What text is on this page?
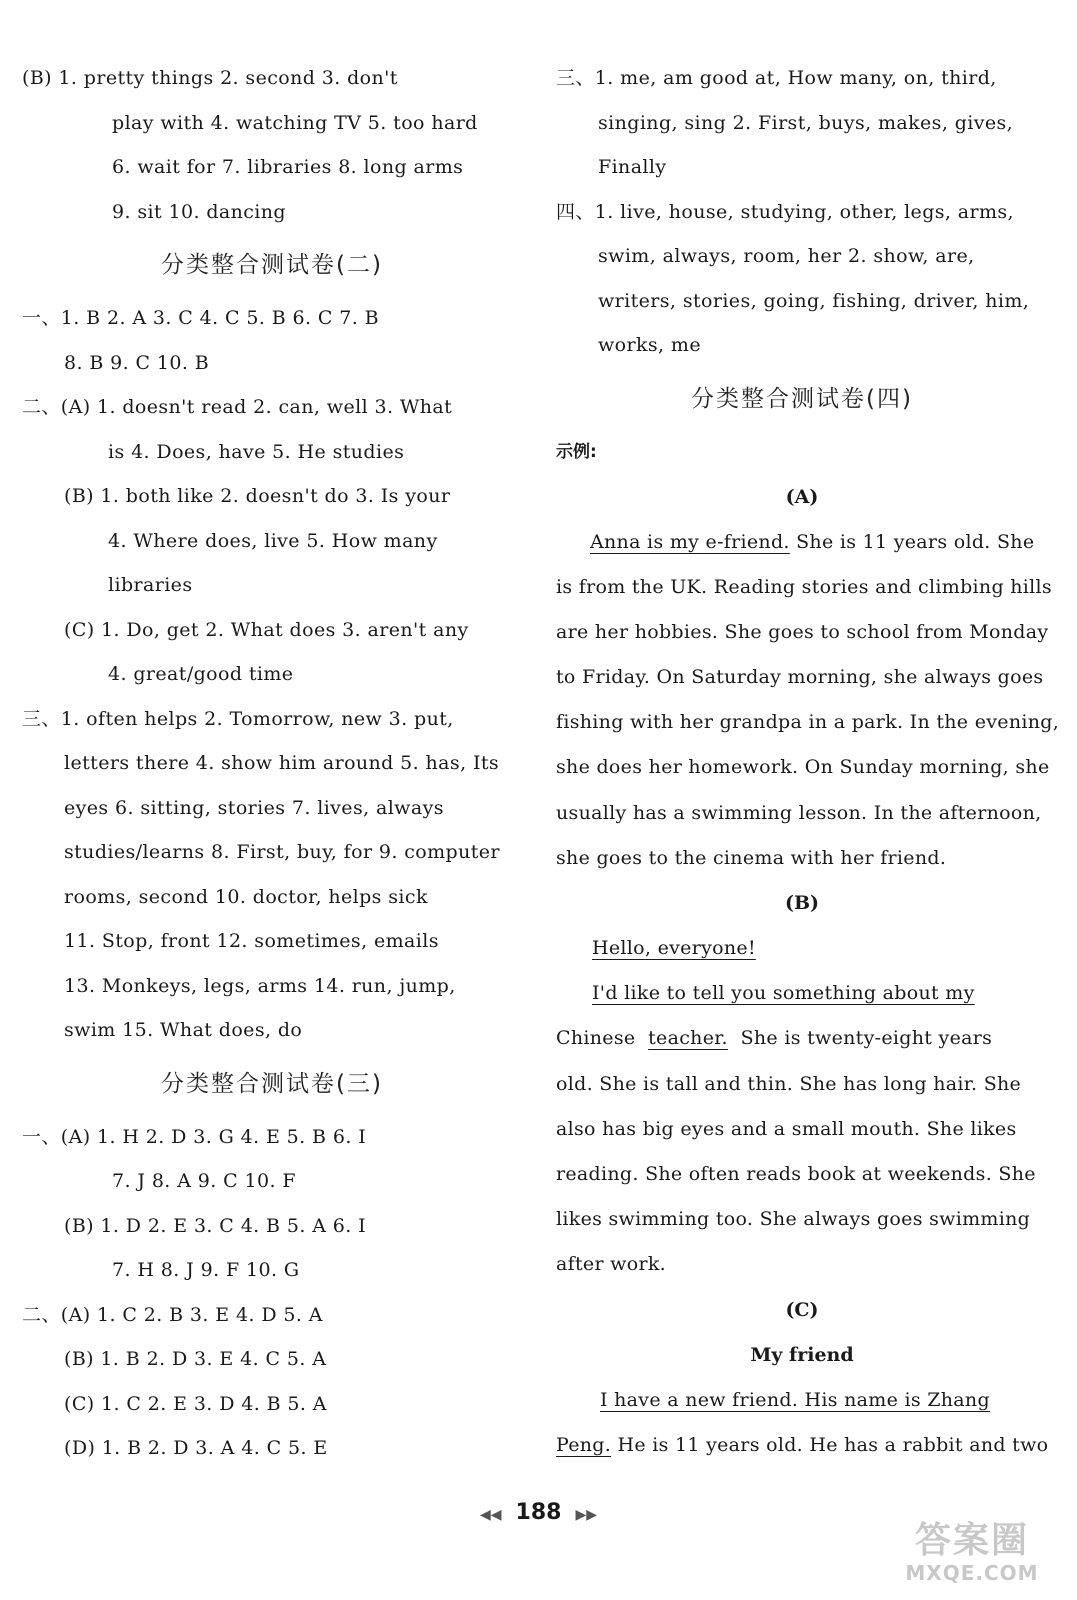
(B) 1. pretty things 2. second 3. don't
play with 4. watching TV 5. too hard
6. wait for 7. libraries 8. long arms
9. sit 10. dancing
分类整合测试卷(二)
一、1. B 2. A 3. C 4. C 5. B 6. C 7. B
8. B 9. C 10. B
二、(A) 1. doesn't read 2. can, well 3. What
is 4. Does, have 5. He studies
(B) 1. both like 2. doesn't do 3. Is your
4. Where does, live 5. How many
libraries
(C) 1. Do, get 2. What does 3. aren't any
4. great/good time
三、1. often helps 2. Tomorrow, new 3. put,
letters there 4. show him around 5. has, Its
eyes 6. sitting, stories 7. lives, always
studies/learns 8. First, buy, for 9. computer
rooms, second 10. doctor, helps sick
11. Stop, front 12. sometimes, emails
13. Monkeys, legs, arms 14. run, jump,
swim 15. What does, do
分类整合测试卷(三)
一、(A) 1. H 2. D 3. G 4. E 5. B 6. I
7. J 8. A 9. C 10. F
(B) 1. D 2. E 3. C 4. B 5. A 6. I
7. H 8. J 9. F 10. G
二、(A) 1. C 2. B 3. E 4. D 5. A
(B) 1. B 2. D 3. E 4. C 5. A
(C) 1. C 2. E 3. D 4. B 5. A
(D) 1. B 2. D 3. A 4. C 5. E
三、1. me, am good at, How many, on, third,
singing, sing 2. First, buys, makes, gives,
Finally
四、1. live, house, studying, other, legs, arms,
swim, always, room, her 2. show, are,
writers, stories, going, fishing, driver, him,
works, me
分类整合测试卷(四)
示例:
(A)
Anna is my e-friend. She is 11 years old. She
is from the UK. Reading stories and climbing hills
are her hobbies. She goes to school from Monday
to Friday. On Saturday morning, she always goes
fishing with her grandpa in a park. In the evening,
she does her homework. On Sunday morning, she
usually has a swimming lesson. In the afternoon,
she goes to the cinema with her friend.
(B)
Hello, everyone!
I'd like to tell you something about my
Chinese teacher. She is twenty-eight years
old. She is tall and thin. She has long hair. She
also has big eyes and a small mouth. She likes
reading. She often reads book at weekends. She
likes swimming too. She always goes swimming
after work.
(C)
My friend
I have a new friend. His name is Zhang
Peng. He is 11 years old. He has a rabbit and two
◀◀ 188 ▶▶
答案圈
MXQE.COM
